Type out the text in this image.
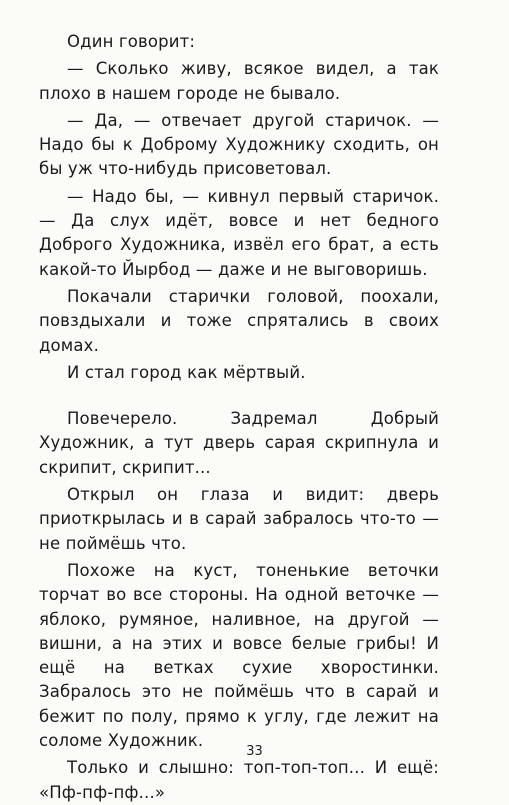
Один говорит:

— Сколько живу, всякое видел, а так плохо в нашем городе не бывало.

— Да, — отвечает другой старичок. — Надо бы к Доброму Художнику сходить, он бы уж что-нибудь присоветовал.

— Надо бы, — кивнул первый старичок. — Да слух идёт, вовсе и нет бедного Доброго Художника, извёл его брат, а есть какой-то Йырбод — даже и не выговоришь.

Покачали старички головой, поохали, повздыхали и тоже спрятались в своих домах.

И стал город как мёртвый.

Повечерело. Задремал Добрый Художник, а тут дверь сарая скрипнула и скрипит, скрипит...

Открыл он глаза и видит: дверь приоткрылась и в сарай забралось что-то — не поймёшь что.

Похоже на куст, тоненькие веточки торчат во все стороны. На одной веточке — яблоко, румяное, наливное, на другой — вишни, а на этих и вовсе белые грибы! И ещё на ветках сухие хворостинки. Забралось это не поймёшь что в сарай и бежит по полу, прямо к углу, где лежит на соломе Художник.

Только и слышно: топ-топ-топ... И ещё: «Пф-пф-пф...»

33
